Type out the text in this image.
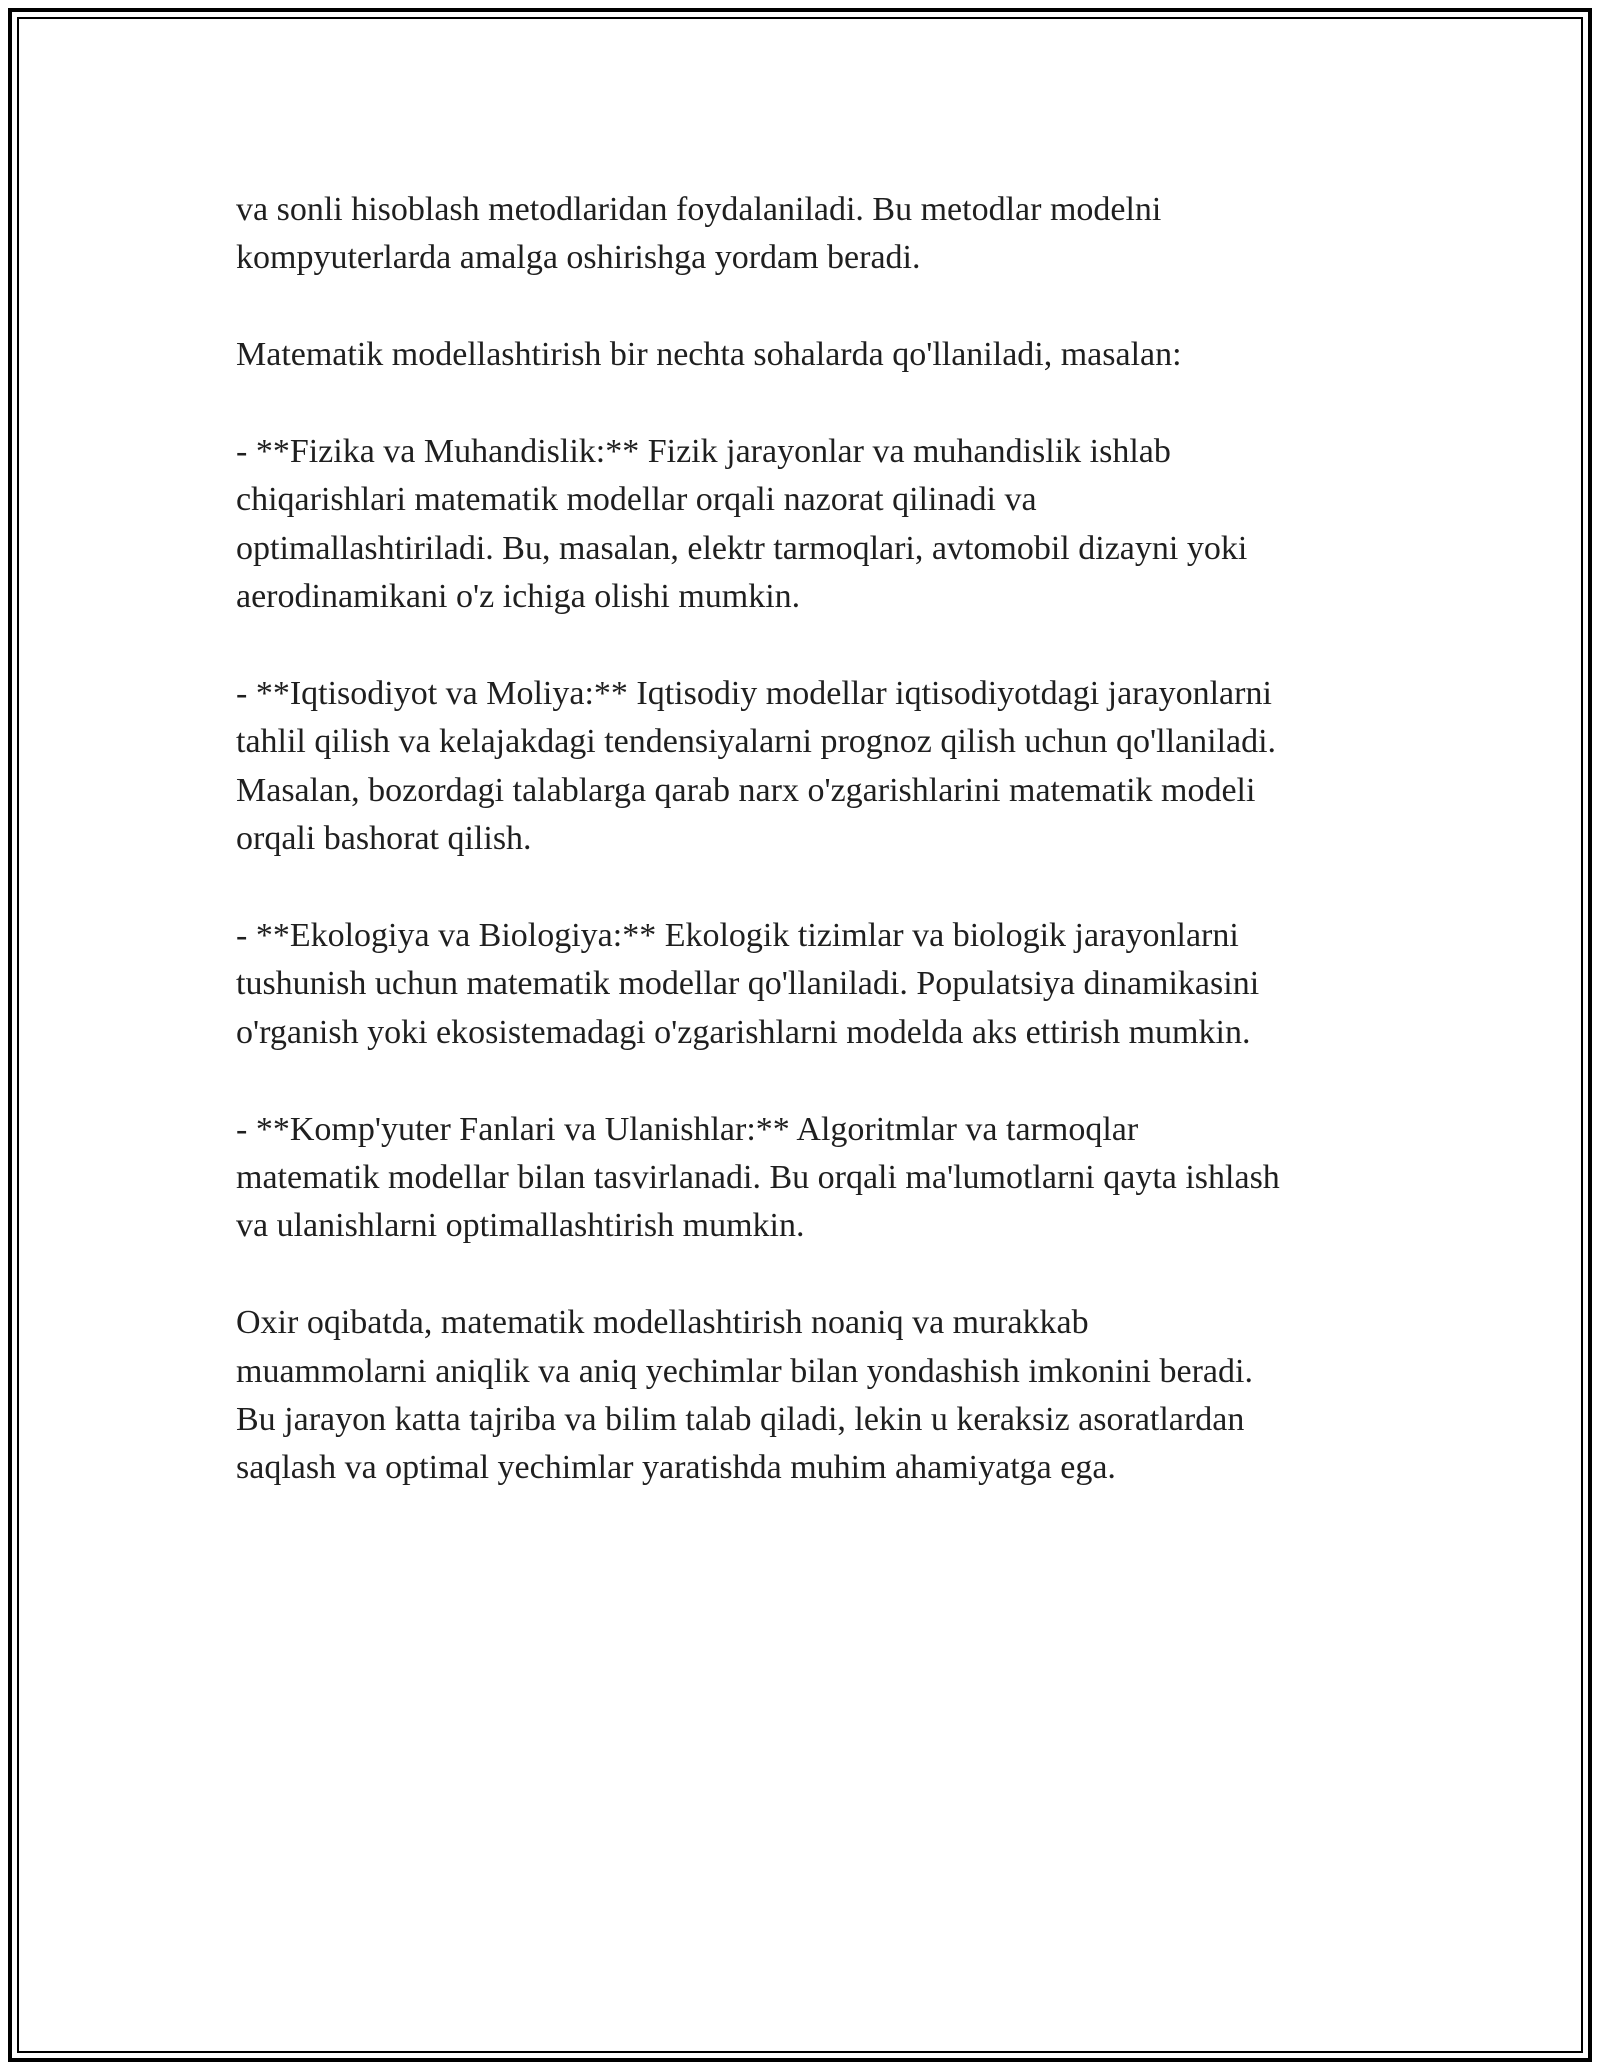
va sonli hisoblash metodlaridan foydalaniladi. Bu metodlar modelni
kompyuterlarda amalga oshirishga yordam beradi.

Matematik modellashtirish bir nechta sohalarda qo'llaniladi, masalan:

- **Fizika va Muhandislik:** Fizik jarayonlar va muhandislik ishlab
chiqarishlari matematik modellar orqali nazorat qilinadi va
optimallashtiriladi. Bu, masalan, elektr tarmoqlari, avtomobil dizayni yoki
aerodinamikani o'z ichiga olishi mumkin.

- **Iqtisodiyot va Moliya:** Iqtisodiy modellar iqtisodiyotdagi jarayonlarni
tahlil qilish va kelajakdagi tendensiyalarni prognoz qilish uchun qo'llaniladi.
Masalan, bozordagi talablarga qarab narx o'zgarishlarini matematik modeli
orqali bashorat qilish.

- **Ekologiya va Biologiya:** Ekologik tizimlar va biologik jarayonlarni
tushunish uchun matematik modellar qo'llaniladi. Populatsiya dinamikasini
o'rganish yoki ekosistemadagi o'zgarishlarni modelda aks ettirish mumkin.

- **Komp'yuter Fanlari va Ulanishlar:** Algoritmlar va tarmoqlar
matematik modellar bilan tasvirlanadi. Bu orqali ma'lumotlarni qayta ishlash
va ulanishlarni optimallashtirish mumkin.

Oxir oqibatda, matematik modellashtirish noaniq va murakkab
muammolarni aniqlik va aniq yechimlar bilan yondashish imkonini beradi.
Bu jarayon katta tajriba va bilim talab qiladi, lekin u keraksiz asoratlardan
saqlash va optimal yechimlar yaratishda muhim ahamiyatga ega.
